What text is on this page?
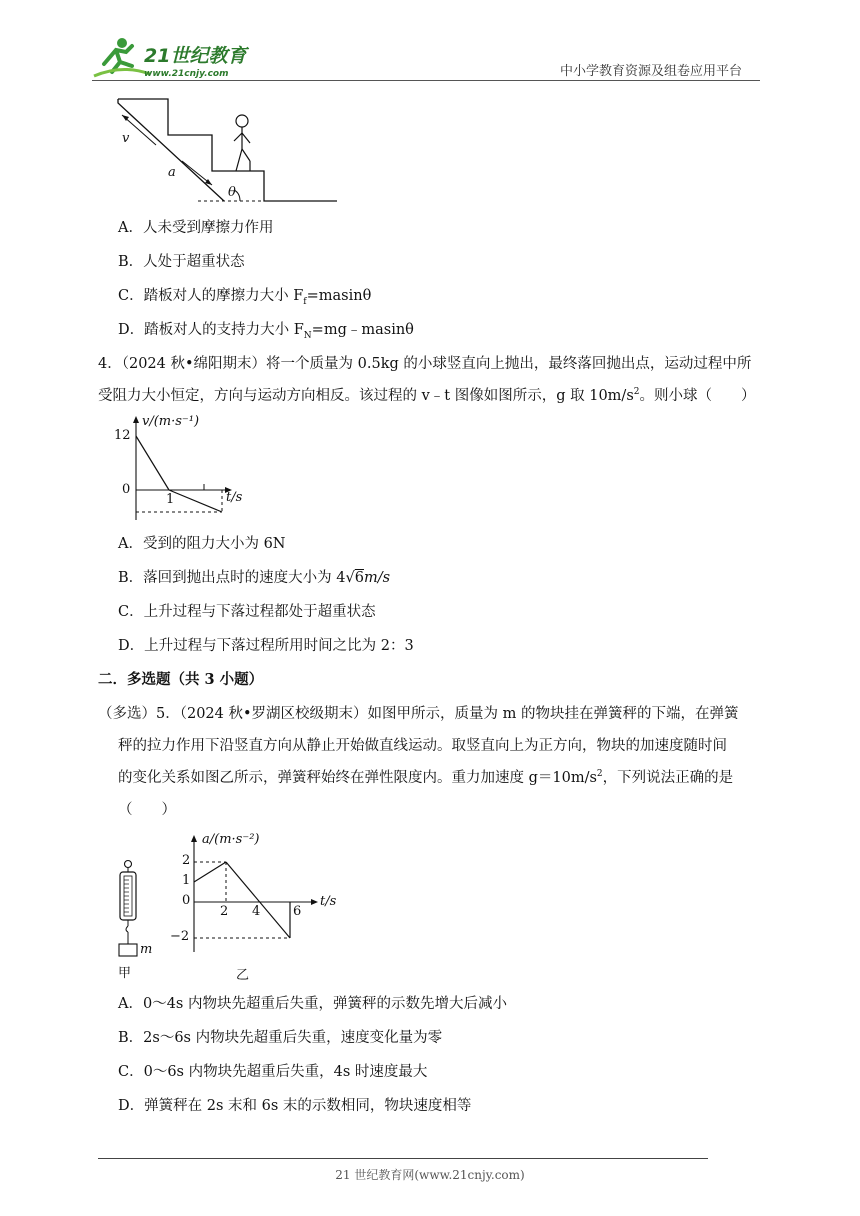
21世纪教育
www.21cnjy.com	中小学教育资源及组卷应用平台
v
a
θ
A．人未受到摩擦力作用
B．人处于超重状态
C．踏板对人的摩擦力大小 $F_f=masin\theta$
D．踏板对人的支持力大小 $F_N=mg﹣masin\theta$
4．（2024 秋•绵阳期末）将一个质量为 0.5kg 的小球竖直向上抛出，最终落回抛出点，运动过程中所
受阻力大小恒定，方向与运动方向相反。该过程的 v﹣t 图像如图所示，g 取 $10m/s^2$。则小球（　　）
v/(m·s⁻¹)
12
0
1	t/s
A．受到的阻力大小为 6N
B．落回到抛出点时的速度大小为 4√6m/s
C．上升过程与下落过程都处于超重状态
D．上升过程与下落过程所用时间之比为 2：3
二．多选题（共 3 小题）
（多选）5．（2024 秋•罗湖区校级期末）如图甲所示，质量为 m 的物块挂在弹簧秤的下端，在弹簧
秤的拉力作用下沿竖直方向从静止开始做直线运动。取竖直向上为正方向，物块的加速度随时间
的变化关系如图乙所示，弹簧秤始终在弹性限度内。重力加速度 $g=10m/s^2$，下列说法正确的是
（　　）
m
甲
a/(m·s⁻²)
2
1
0
−2
2 4	6
t/s
乙
A．0～4s 内物块先超重后失重，弹簧秤的示数先增大后减小
B．2s～6s 内物块先超重后失重，速度变化量为零
C．0～6s 内物块先超重后失重，4s 时速度最大
D．弹簧秤在 2s 末和 6s 末的示数相同，物块速度相等
21 世纪教育网(www.21cnjy.com)
